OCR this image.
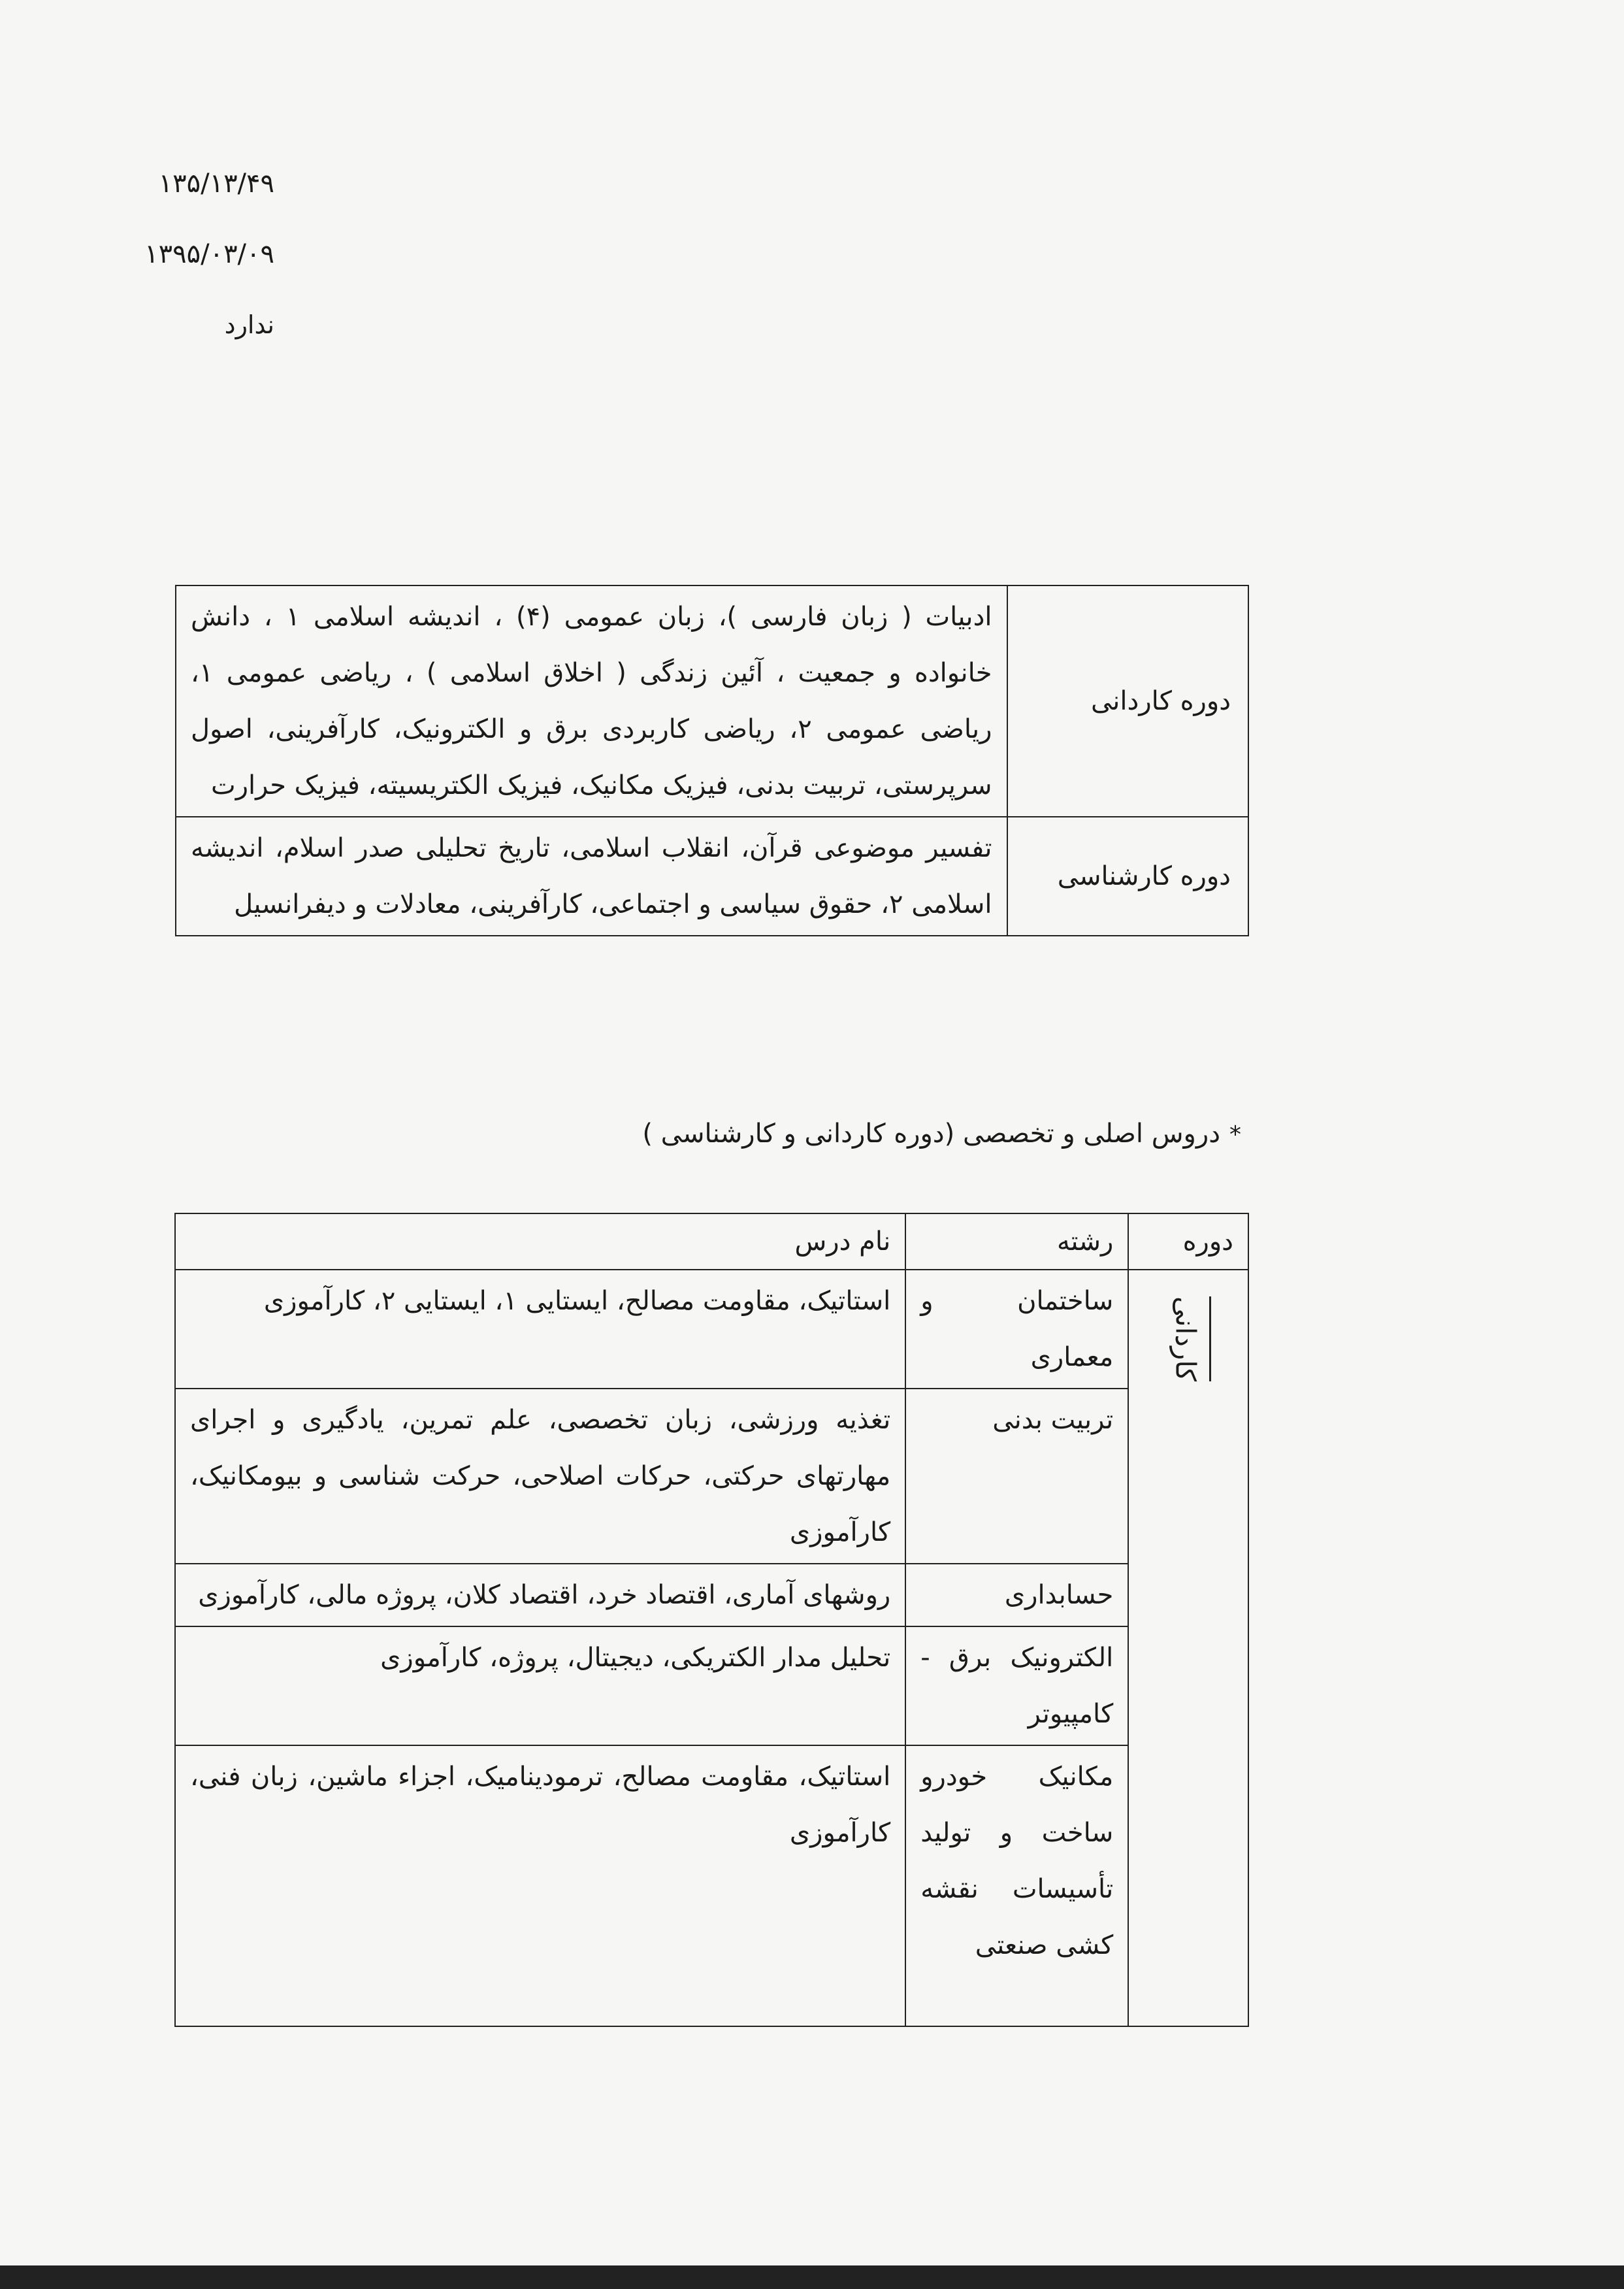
۱۳۵/۱۳/۴۹
۱۳۹۵/۰۳/۰۹
ندارد
دوره کاردانی	ادبیات ( زبان فارسی )، زبان عمومی (۴) ، اندیشه اسلامی ۱ ، دانش خانواده و جمعیت ، آئین زندگی ( اخلاق اسلامی ) ، ریاضی عمومی ۱، ریاضی عمومی ۲، ریاضی کاربردی برق و الکترونیک، کارآفرینی، اصول سرپرستی، تربیت بدنی، فیزیک مکانیک، فیزیک الکتریسیته، فیزیک حرارت
دوره کارشناسی	تفسیر موضوعی قرآن، انقلاب اسلامی، تاریخ تحلیلی صدر اسلام، اندیشه اسلامی ۲، حقوق سیاسی و اجتماعی، کارآفرینی، معادلات و دیفرانسیل
*دروس اصلی و تخصصی (دوره کاردانی و کارشناسی )
دوره	رشته	نام درس
کاردانی	ساختمان و معماری	استاتیک، مقاومت مصالح، ایستایی ۱، ایستایی ۲، کارآموزی
	تربیت بدنی	تغذیه ورزشی، زبان تخصصی، علم تمرین، یادگیری و اجرای مهارتهای حرکتی، حرکات اصلاحی، حرکت شناسی و بیومکانیک، کارآموزی
	حسابداری	روشهای آماری، اقتصاد خرد، اقتصاد کلان، پروژه مالی، کارآموزی
	الکترونیک برق - کامپیوتر	تحلیل مدار الکتریکی، دیجیتال، پروژه، کارآموزی
	مکانیک خودرو ساخت و تولید تأسیسات نقشه کشی صنعتی	استاتیک، مقاومت مصالح، ترمودینامیک، اجزاء ماشین، زبان فنی، کارآموزی
